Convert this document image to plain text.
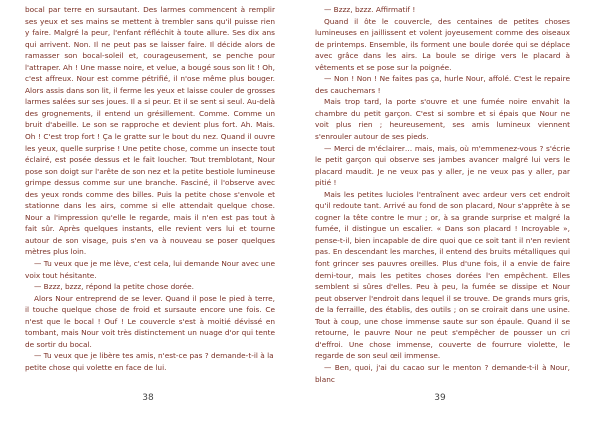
bocal par terre en sursautant. Des larmes commencent à remplir ses yeux et ses mains se mettent à trembler sans qu'il puisse rien y faire. Malgré la peur, l'enfant réfléchit à toute allure. Ses dix ans qui arrivent. Non. Il ne peut pas se laisser faire. Il décide alors de ramasser son bocal-soleil et, courageusement, se penche pour l'attraper. Ah ! Une masse noire, et velue, a bougé sous son lit ! Oh, c'est affreux. Nour est comme pétrifié, il n'ose même plus bouger. Alors assis dans son lit, il ferme les yeux et laisse couler de grosses larmes salées sur ses joues. Il a si peur. Et il se sent si seul. Au-delà des grognements, il entend un grésillement. Comme. Comme un bruit d'abeille. Le son se rapproche et devient plus fort. Ah. Mais. Oh ! C'est trop fort ! Ça le gratte sur le bout du nez. Quand il ouvre les yeux, quelle surprise ! Une petite chose, comme un insecte tout éclairé, est posée dessus et le fait loucher. Tout tremblotant, Nour pose son doigt sur l'arête de son nez et la petite bestiole lumineuse grimpe dessus comme sur une branche. Fasciné, il l'observe avec des yeux ronds comme des billes. Puis la petite chose s'envole et stationne dans les airs, comme si elle attendait quelque chose. Nour a l'impression qu'elle le regarde, mais il n'en est pas tout à fait sûr. Après quelques instants, elle revient vers lui et tourne autour de son visage, puis s'en va à nouveau se poser quelques mètres plus loin.

— Tu veux que je me lève, c'est cela, lui demande Nour avec une voix tout hésitante.

— Bzzz, bzzz, répond la petite chose dorée.

Alors Nour entreprend de se lever. Quand il pose le pied à terre, il touche quelque chose de froid et sursaute encore une fois. Ce n'est que le bocal ! Ouf ! Le couvercle s'est à moitié dévissé en tombant, mais Nour voit très distinctement un nuage d'or qui tente de sortir du bocal.

— Tu veux que je libère tes amis, n'est-ce pas ? demande-t-il à la petite chose qui volette en face de lui.

38

— Bzzz, bzzz. Affirmatif !

Quand il ôte le couvercle, des centaines de petites choses lumineuses en jaillissent et volent joyeusement comme des oiseaux de printemps. Ensemble, ils forment une boule dorée qui se déplace avec grâce dans les airs. La boule se dirige vers le placard à vêtements et se pose sur la poignée.

— Non ! Non ! Ne faites pas ça, hurle Nour, affolé. C'est le repaire des cauchemars !

Mais trop tard, la porte s'ouvre et une fumée noire envahit la chambre du petit garçon. C'est si sombre et si épais que Nour ne voit plus rien ; heureusement, ses amis lumineux viennent s'enrouler autour de ses pieds.

— Merci de m'éclairer… mais, mais, où m'emmenez-vous ? s'écrie le petit garçon qui observe ses jambes avancer malgré lui vers le placard maudit. Je ne veux pas y aller, je ne veux pas y aller, par pitié !

Mais les petites lucioles l'entraînent avec ardeur vers cet endroit qu'il redoute tant. Arrivé au fond de son placard, Nour s'apprête à se cogner la tête contre le mur ; or, à sa grande surprise et malgré la fumée, il distingue un escalier. « Dans son placard ! Incroyable », pense-t-il, bien incapable de dire quoi que ce soit tant il n'en revient pas. En descendant les marches, il entend des bruits métalliques qui font grincer ses pauvres oreilles. Plus d'une fois, il a envie de faire demi-tour, mais les petites choses dorées l'en empêchent. Elles semblent si sûres d'elles. Peu à peu, la fumée se dissipe et Nour peut observer l'endroit dans lequel il se trouve. De grands murs gris, de la ferraille, des établis, des outils ; on se croirait dans une usine. Tout à coup, une chose immense saute sur son épaule. Quand il se retourne, le pauvre Nour ne peut s'empêcher de pousser un cri d'effroi. Une chose immense, couverte de fourrure violette, le regarde de son seul œil immense.

— Ben, quoi, j'ai du cacao sur le menton ? demande-t-il à Nour, blanc

39
